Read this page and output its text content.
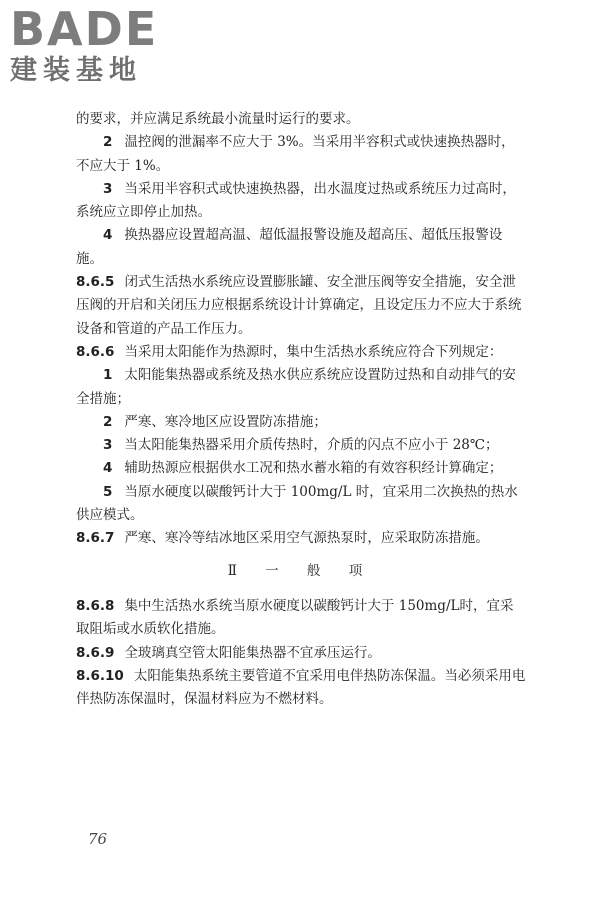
BADE
建装基地

的要求，并应满足系统最小流量时运行的要求。

2 温控阀的泄漏率不应大于 3%。当采用半容积式或快速换热器时，不应大于 1%。

3 当采用半容积式或快速换热器，出水温度过热或系统压力过高时，系统应立即停止加热。

4 换热器应设置超高温、超低温报警设施及超高压、超低压报警设施。

8.6.5 闭式生活热水系统应设置膨胀罐、安全泄压阀等安全措施，安全泄压阀的开启和关闭压力应根据系统设计计算确定，且设定压力不应大于系统设备和管道的产品工作压力。

8.6.6 当采用太阳能作为热源时，集中生活热水系统应符合下列规定：

1 太阳能集热器或系统及热水供应系统应设置防过热和自动排气的安全措施；

2 严寒、寒冷地区应设置防冻措施；

3 当太阳能集热器采用介质传热时，介质的闪点不应小于 28℃；

4 辅助热源应根据供水工况和热水蓄水箱的有效容积经计算确定；

5 当原水硬度以碳酸钙计大于 100mg/L 时，宜采用二次换热的热水供应模式。

8.6.7 严寒、寒冷等结冰地区采用空气源热泵时，应采取防冻措施。

Ⅱ 一 般 项

8.6.8 集中生活热水系统当原水硬度以碳酸钙计大于 150mg/L时，宜采取阻垢或水质软化措施。

8.6.9 全玻璃真空管太阳能集热器不宜承压运行。

8.6.10 太阳能集热系统主要管道不宜采用电伴热防冻保温。当必须采用电伴热防冻保温时，保温材料应为不燃材料。

76
